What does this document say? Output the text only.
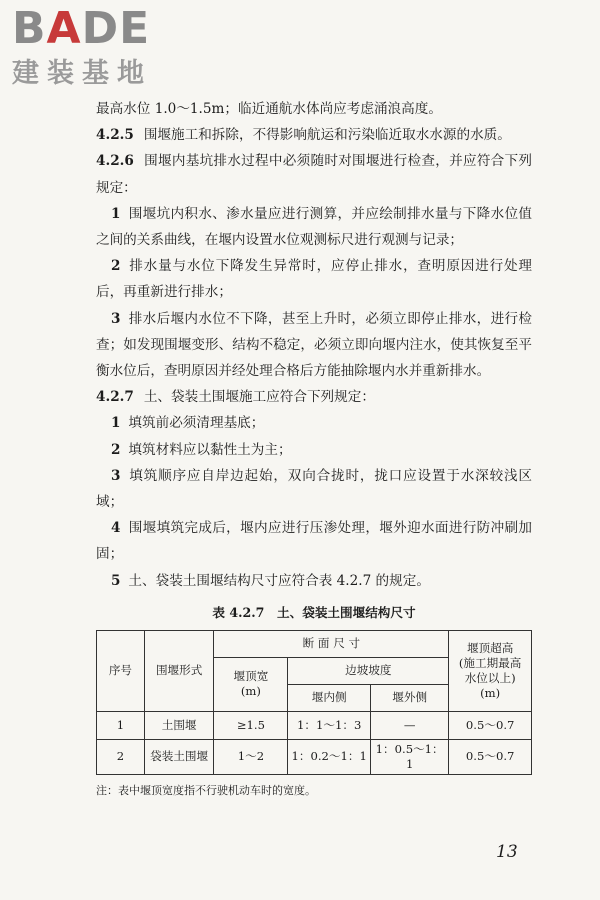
BADE
建装基地

最高水位 1.0～1.5m；临近通航水体尚应考虑涌浪高度。

4.2.5 围堰施工和拆除，不得影响航运和污染临近取水水源的水质。

4.2.6 围堰内基坑排水过程中必须随时对围堰进行检查，并应符合下列规定：

1 围堰坑内积水、渗水量应进行测算，并应绘制排水量与下降水位值之间的关系曲线，在堰内设置水位观测标尺进行观测与记录；

2 排水量与水位下降发生异常时，应停止排水，查明原因进行处理后，再重新进行排水；

3 排水后堰内水位不下降，甚至上升时，必须立即停止排水，进行检查；如发现围堰变形、结构不稳定，必须立即向堰内注水，使其恢复至平衡水位后，查明原因并经处理合格后方能抽除堰内水并重新排水。

4.2.7 土、袋装土围堰施工应符合下列规定：

1 填筑前必须清理基底；

2 填筑材料应以黏性土为主；

3 填筑顺序应自岸边起始，双向合拢时，拢口应设置于水深较浅区域；

4 围堰填筑完成后，堰内应进行压渗处理，堰外迎水面进行防冲刷加固；

5 土、袋装土围堰结构尺寸应符合表 4.2.7 的规定。

表 4.2.7　土、袋装土围堰结构尺寸
序号	围堰形式	断 面 尺 寸			堰顶超高
(施工期最高
水位以上)
(m)
		堰顶宽
(m)	边坡坡度		
			堰内侧	堰外侧	
1	土围堰	≥1.5	1：1～1：3	—	0.5～0.7
2	袋装土围堰	1～2	1：0.2～1：1	1：0.5～1：1	0.5～0.7
注：表中堰顶宽度指不行驶机动车时的宽度。
13
